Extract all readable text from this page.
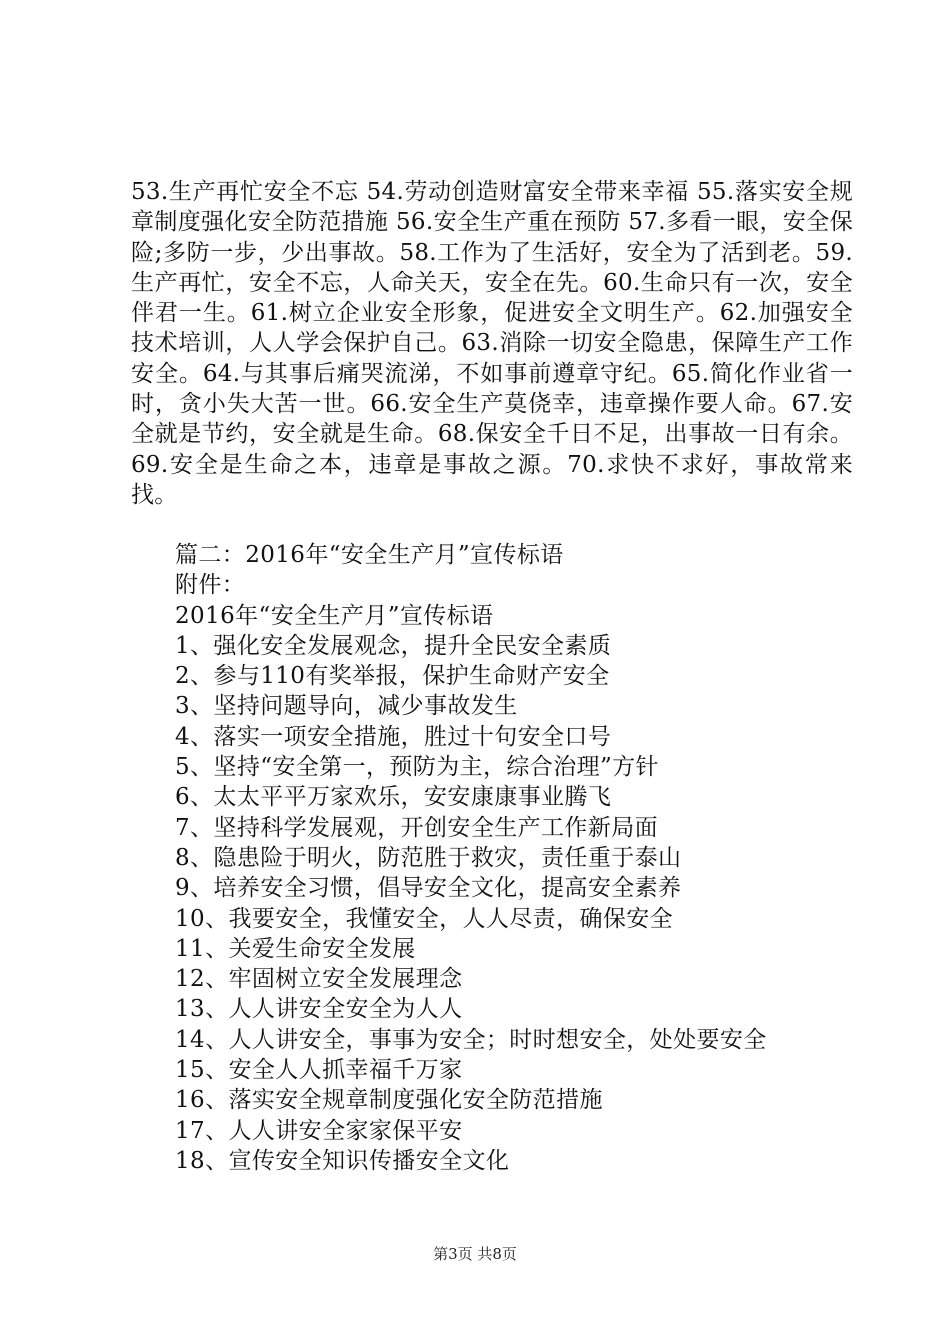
53.生产再忙安全不忘 54.劳动创造财富安全带来幸福 55.落实安全规章制度强化安全防范措施 56.安全生产重在预防 57.多看一眼，安全保险;多防一步，少出事故。58.工作为了生活好，安全为了活到老。59.生产再忙，安全不忘，人命关天，安全在先。60.生命只有一次，安全伴君一生。61.树立企业安全形象，促进安全文明生产。62.加强安全技术培训，人人学会保护自己。63.消除一切安全隐患，保障生产工作安全。64.与其事后痛哭流涕，不如事前遵章守纪。65.简化作业省一时，贪小失大苦一世。66.安全生产莫侥幸，违章操作要人命。67.安全就是节约，安全就是生命。68.保安全千日不足，出事故一日有余。69.安全是生命之本，违章是事故之源。70.求快不求好，事故常来找。

篇二：2016年“安全生产月”宣传标语
附件：
2016年“安全生产月”宣传标语
1、强化安全发展观念，提升全民安全素质
2、参与110有奖举报，保护生命财产安全
3、坚持问题导向，减少事故发生
4、落实一项安全措施，胜过十句安全口号
5、坚持“安全第一，预防为主，综合治理”方针
6、太太平平万家欢乐，安安康康事业腾飞
7、坚持科学发展观，开创安全生产工作新局面
8、隐患险于明火，防范胜于救灾，责任重于泰山
9、培养安全习惯，倡导安全文化，提高安全素养
10、我要安全，我懂安全，人人尽责，确保安全
11、关爱生命安全发展
12、牢固树立安全发展理念
13、人人讲安全安全为人人
14、人人讲安全，事事为安全；时时想安全，处处要安全
15、安全人人抓幸福千万家
16、落实安全规章制度强化安全防范措施
17、人人讲安全家家保平安
18、宣传安全知识传播安全文化
第3页 共8页
